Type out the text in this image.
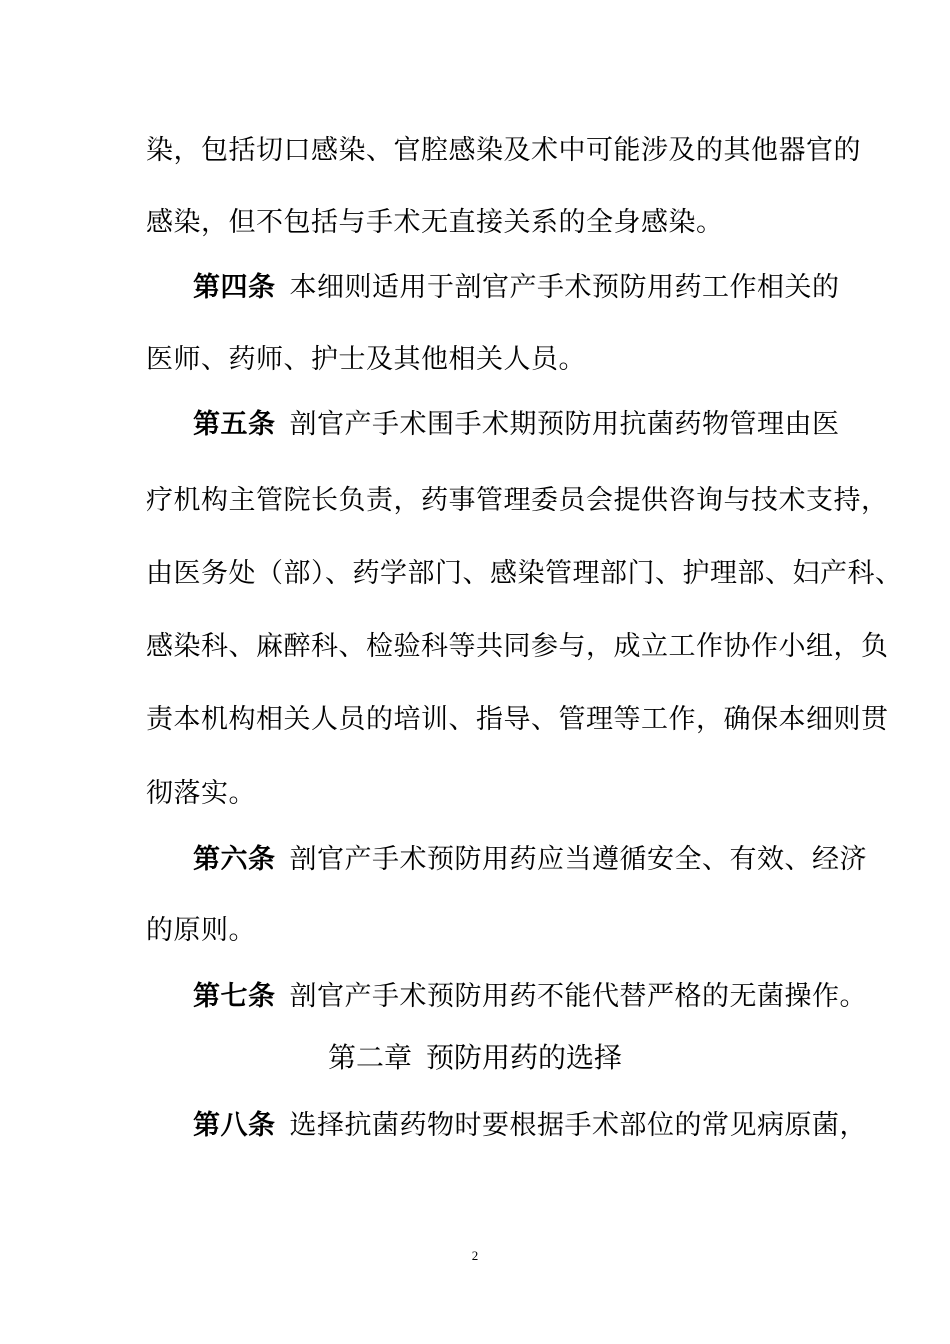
染，包括切口感染、官腔感染及术中可能涉及的其他器官的
感染，但不包括与手术无直接关系的全身感染。
第四条 本细则适用于剖官产手术预防用药工作相关的
医师、药师、护士及其他相关人员。
第五条 剖官产手术围手术期预防用抗菌药物管理由医
疗机构主管院长负责，药事管理委员会提供咨询与技术支持，
由医务处（部）、药学部门、感染管理部门、护理部、妇产科、
感染科、麻醉科、检验科等共同参与，成立工作协作小组，负
责本机构相关人员的培训、指导、管理等工作，确保本细则贯
彻落实。
第六条 剖官产手术预防用药应当遵循安全、有效、经济
的原则。
第七条 剖官产手术预防用药不能代替严格的无菌操作。
第二章 预防用药的选择
第八条 选择抗菌药物时要根据手术部位的常见病原菌，
2
